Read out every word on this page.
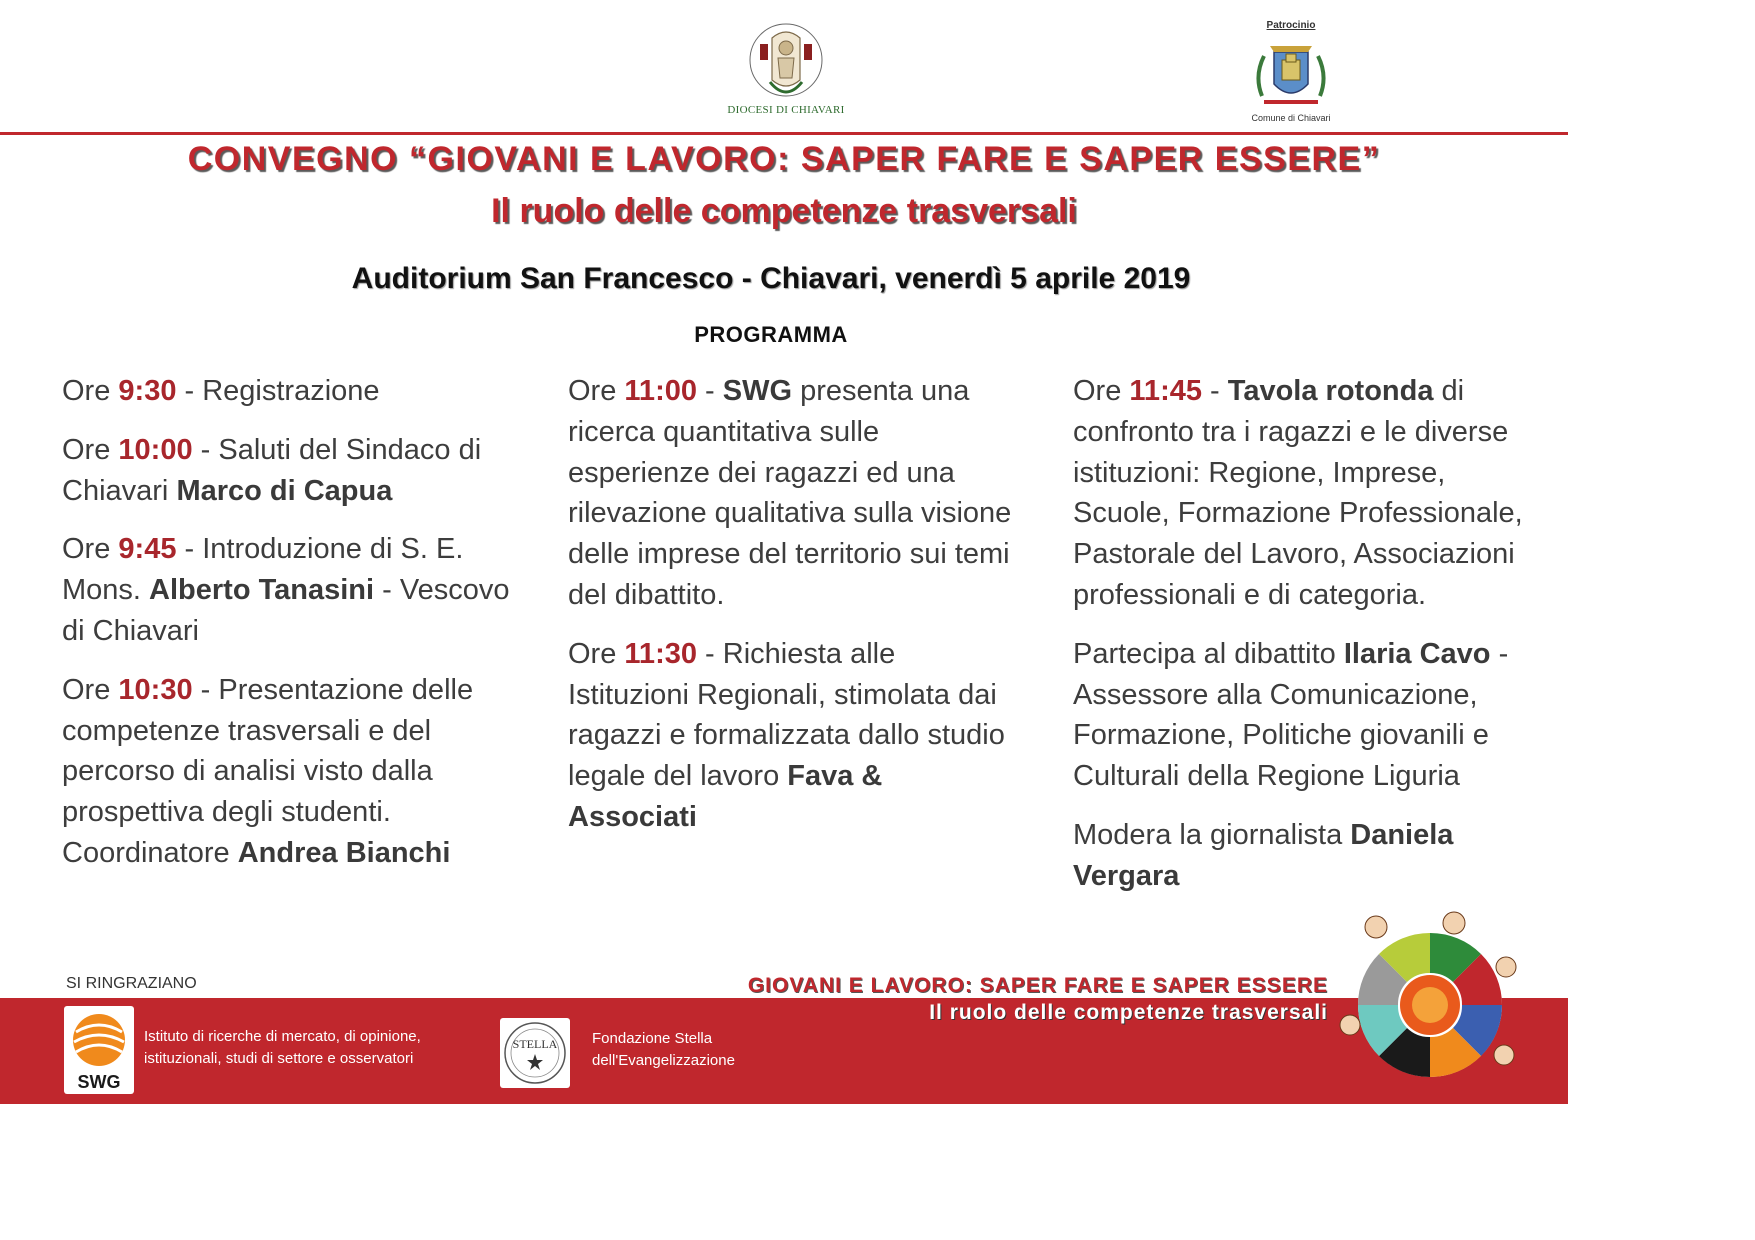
DIOCESI DI CHIAVARI
Patrocinio
Comune di Chiavari
CONVEGNO “GIOVANI E LAVORO: SAPER FARE E SAPER ESSERE”
Il ruolo delle competenze trasversali
Auditorium San Francesco - Chiavari, venerdì 5 aprile 2019
PROGRAMMA

Ore 9:30 - Registrazione

Ore 10:00 - Saluti del Sindaco di Chiavari Marco di Capua

Ore 9:45 - Introduzione di S. E. Mons. Alberto Tanasini - Vescovo di Chiavari

Ore 10:30 - Presentazione delle competenze trasversali e del percorso di analisi visto dalla prospettiva degli studenti. Coordinatore Andrea Bianchi

Ore 11:00 - SWG presenta una ricerca quantitativa sulle esperienze dei ragazzi ed una rilevazione qualitativa sulla visione delle imprese del territorio sui temi del dibattito.

Ore 11:30 - Richiesta alle Istituzioni Regionali, stimolata dai ragazzi e formalizzata dallo studio legale del lavoro Fava & Associati

Ore 11:45 - Tavola rotonda di confronto tra i ragazzi e le diverse istituzioni: Regione, Imprese, Scuole, Formazione Professionale, Pastorale del Lavoro, Associazioni professionali e di categoria.

Partecipa al dibattito Ilaria Cavo - Assessore alla Comunicazione, Formazione, Politiche giovanili e Culturali della Regione Liguria

Modera la giornalista Daniela Vergara

SI RINGRAZIANO	GIOVANI E LAVORO: SAPER FARE E SAPER ESSERE
Il ruolo delle competenze trasversali
SWG
Istituto di ricerche di mercato, di opinione,
istituzionali, studi di settore e osservatori
STELLA Fondazione Stella
dell'Evangelizzazione
